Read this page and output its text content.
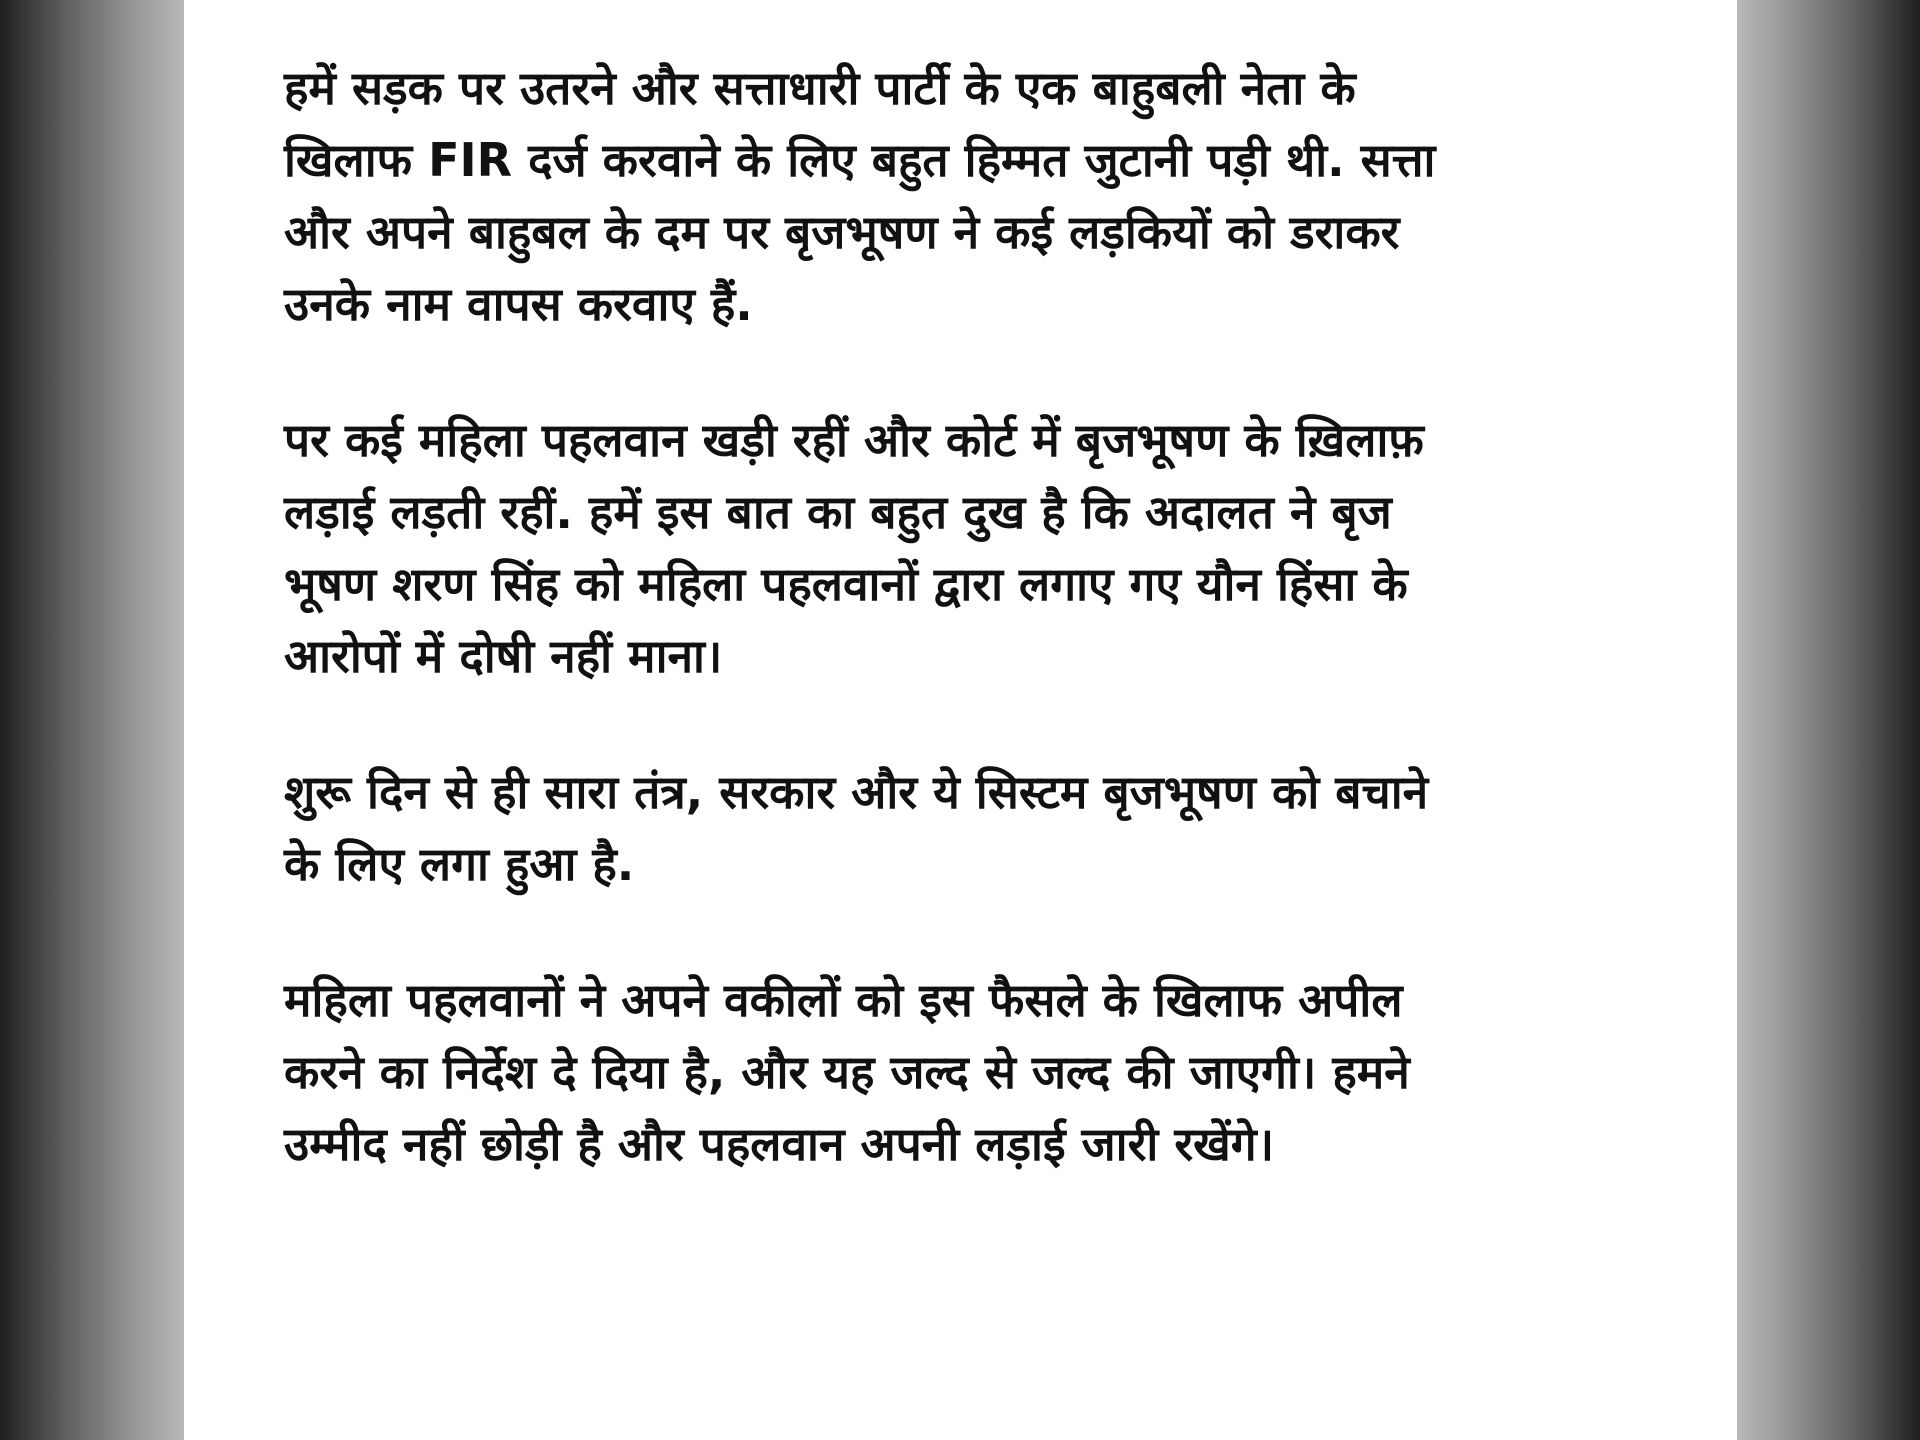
हमें सड़क पर उतरने और सत्ताधारी पार्टी के एक बाहुबली नेता के
खिलाफ FIR दर्ज करवाने के लिए बहुत हिम्मत जुटानी पड़ी थी. सत्ता
और अपने बाहुबल के दम पर बृजभूषण ने कई लड़कियों को डराकर
उनके नाम वापस करवाए हैं.

पर कई महिला पहलवान खड़ी रहीं और कोर्ट में बृजभूषण के ख़िलाफ़
लड़ाई लड़ती रहीं. हमें इस बात का बहुत दुख है कि अदालत ने बृज
भूषण शरण सिंह को महिला पहलवानों द्वारा लगाए गए यौन हिंसा के
आरोपों में दोषी नहीं माना।

शुरू दिन से ही सारा तंत्र, सरकार और ये सिस्टम बृजभूषण को बचाने
के लिए लगा हुआ है.

महिला पहलवानों ने अपने वकीलों को इस फैसले के खिलाफ अपील
करने का निर्देश दे दिया है, और यह जल्द से जल्द की जाएगी। हमने
उम्मीद नहीं छोड़ी है और पहलवान अपनी लड़ाई जारी रखेंगे।
